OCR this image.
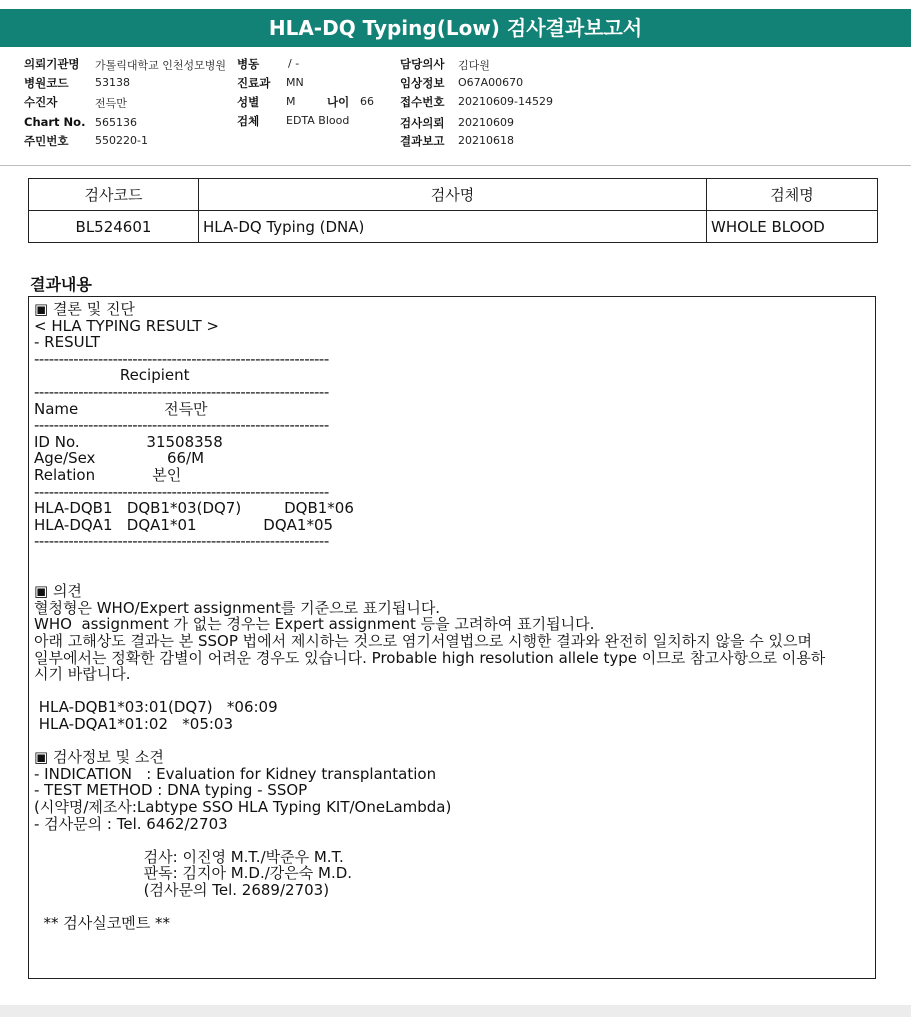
HLA-DQ Typing(Low) 검사결과보고서
의뢰기관명 가톨릭대학교 인천성모병원
병원코드 53138
수진자	전득만
Chart No. 565136
주민번호 550220-1
병동	/ -
진료과 MN
성별 M	나이 66
검체 EDTA Blood
담당의사 김다원
임상정보 O67A00670
접수번호 20210609-14529
검사의뢰 20210609
결과보고 20210618
검사코드	검사명	검체명
BL524601	HLA-DQ Typing (DNA)	WHOLE BLOOD
결과내용
▣ 결론 및 진단
< HLA TYPING RESULT >
- RESULT
------------------------------------------------------------
Recipient
------------------------------------------------------------
Name                  전득만
------------------------------------------------------------
ID No.              31508358
Age/Sex               66/M
Relation            본인
------------------------------------------------------------
HLA-DQB1   DQB1*03(DQ7)         DQB1*06
HLA-DQA1   DQA1*01              DQA1*05
------------------------------------------------------------
▣ 의견
혈청형은 WHO/Expert assignment를 기준으로 표기됩니다.
WHO  assignment 가 없는 경우는 Expert assignment 등을 고려하여 표기됩니다.
아래 고해상도 결과는 본 SSOP 법에서 제시하는 것으로 염기서열법으로 시행한 결과와 완전히 일치하지 않을 수 있으며
일부에서는 정확한 감별이 어려운 경우도 있습니다. Probable high resolution allele type 이므로 참고사항으로 이용하
시기 바랍니다.
HLA-DQB1*03:01(DQ7)   *06:09
HLA-DQA1*01:02   *05:03
▣ 검사정보 및 소견
- INDICATION   : Evaluation for Kidney transplantation
- TEST METHOD : DNA typing - SSOP
(시약명/제조사:Labtype SSO HLA Typing KIT/OneLambda)
- 검사문의 : Tel. 6462/2703
검사: 이진영 M.T./박준우 M.T.
판독: 김지아 M.D./강은숙 M.D.
(검사문의 Tel. 2689/2703)
** 검사실코멘트 **
